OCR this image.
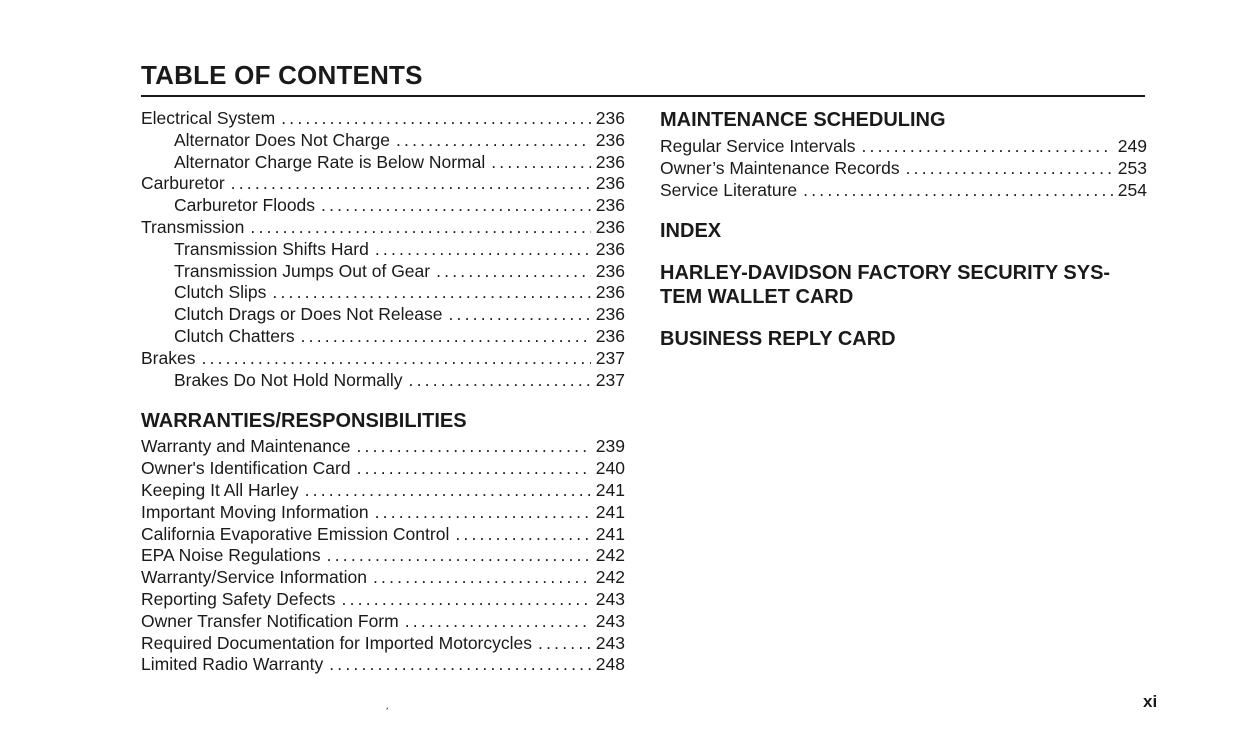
TABLE OF CONTENTS
Electrical System .....	236
Alternator Does Not Charge .....	236
Alternator Charge Rate is Below Normal .....	236
Carburetor .....	236
Carburetor Floods .....	236
Transmission .....	236
Transmission Shifts Hard .....	236
Transmission Jumps Out of Gear .....	236
Clutch Slips .....	236
Clutch Drags or Does Not Release .....	236
Clutch Chatters .....	236
Brakes .....	237
Brakes Do Not Hold Normally .....	237
WARRANTIES/RESPONSIBILITIES
Warranty and Maintenance .....	239
Owner's Identification Card .....	240
Keeping It All Harley .....	241
Important Moving Information .....	241
California Evaporative Emission Control .....	241
EPA Noise Regulations .....	242
Warranty/Service Information .....	242
Reporting Safety Defects .....	243
Owner Transfer Notification Form .....	243
Required Documentation for Imported Motorcycles .....	243
Limited Radio Warranty .....	248
MAINTENANCE SCHEDULING
Regular Service Intervals .....	249
Owner’s Maintenance Records .....	253
Service Literature .....	254
INDEX
HARLEY-DAVIDSON FACTORY SECURITY SYS-
TEM WALLET CARD
BUSINESS REPLY CARD
ˏ	xi
